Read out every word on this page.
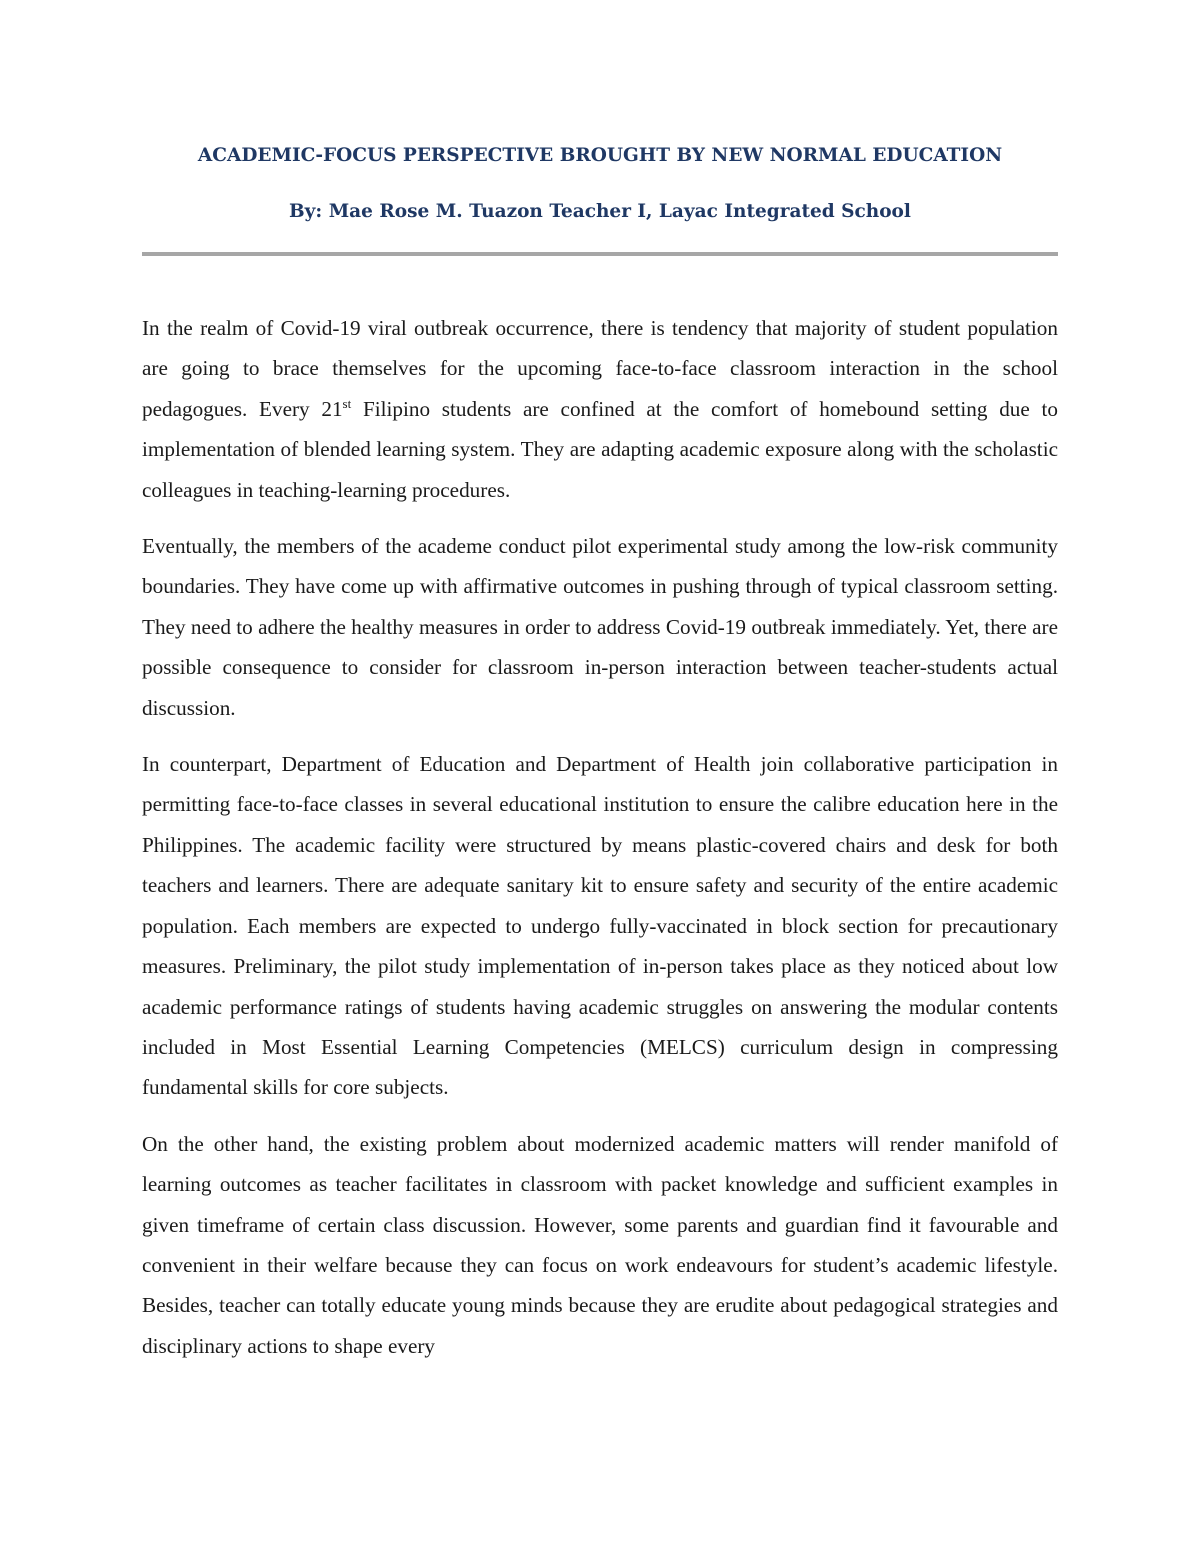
ACADEMIC-FOCUS PERSPECTIVE BROUGHT BY NEW NORMAL EDUCATION
By: Mae Rose M. Tuazon Teacher I, Layac Integrated School

In the realm of Covid-19 viral outbreak occurrence, there is tendency that majority of student population are going to brace themselves for the upcoming face-to-face classroom interaction in the school pedagogues. Every 21st Filipino students are confined at the comfort of homebound setting due to implementation of blended learning system. They are adapting academic exposure along with the scholastic colleagues in teaching-learning procedures.

Eventually, the members of the academe conduct pilot experimental study among the low-risk community boundaries. They have come up with affirmative outcomes in pushing through of typical classroom setting. They need to adhere the healthy measures in order to address Covid-19 outbreak immediately. Yet, there are possible consequence to consider for classroom in-person interaction between teacher-students actual discussion.

In counterpart, Department of Education and Department of Health join collaborative participation in permitting face-to-face classes in several educational institution to ensure the calibre education here in the Philippines. The academic facility were structured by means plastic-covered chairs and desk for both teachers and learners. There are adequate sanitary kit to ensure safety and security of the entire academic population. Each members are expected to undergo fully-vaccinated in block section for precautionary measures. Preliminary, the pilot study implementation of in-person takes place as they noticed about low academic performance ratings of students having academic struggles on answering the modular contents included in Most Essential Learning Competencies (MELCS) curriculum design in compressing fundamental skills for core subjects.

On the other hand, the existing problem about modernized academic matters will render manifold of learning outcomes as teacher facilitates in classroom with packet knowledge and sufficient examples in given timeframe of certain class discussion. However, some parents and guardian find it favourable and convenient in their welfare because they can focus on work endeavours for student’s academic lifestyle. Besides, teacher can totally educate young minds because they are erudite about pedagogical strategies and disciplinary actions to shape every
